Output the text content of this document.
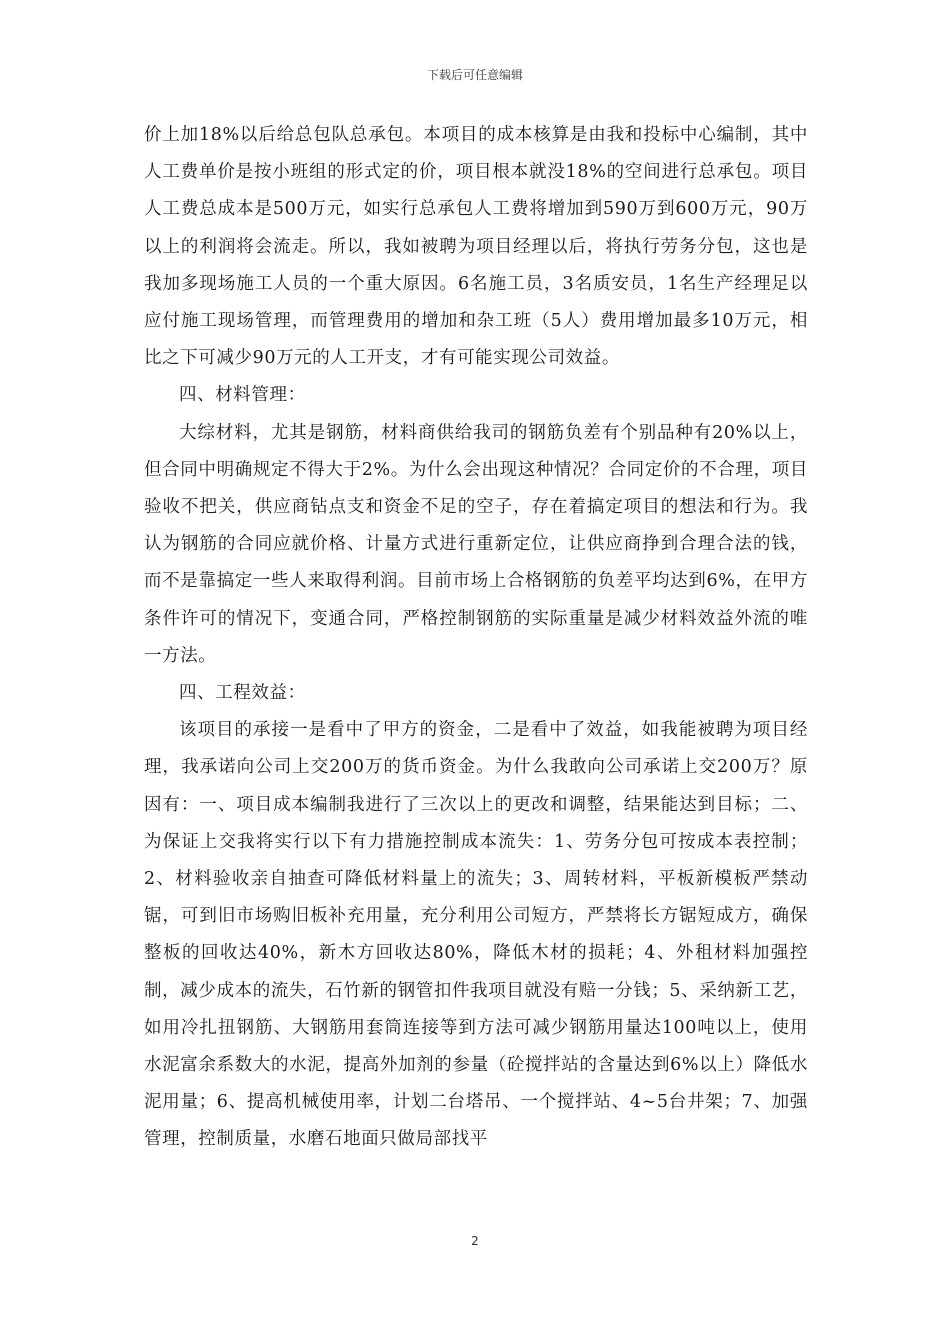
下载后可任意编辑

价上加18%以后给总包队总承包。本项目的成本核算是由我和投标中心编制，其中人工费单价是按小班组的形式定的价，项目根本就没18%的空间进行总承包。项目人工费总成本是500万元，如实行总承包人工费将增加到590万到600万元，90万以上的利润将会流走。所以，我如被聘为项目经理以后，将执行劳务分包，这也是我加多现场施工人员的一个重大原因。6名施工员，3名质安员，1名生产经理足以应付施工现场管理，而管理费用的增加和杂工班（5人）费用增加最多10万元，相比之下可减少90万元的人工开支，才有可能实现公司效益。

四、材料管理：

大综材料，尤其是钢筋，材料商供给我司的钢筋负差有个别品种有20%以上，但合同中明确规定不得大于2%。为什么会出现这种情况？合同定价的不合理，项目验收不把关，供应商钻点支和资金不足的空子，存在着搞定项目的想法和行为。我认为钢筋的合同应就价格、计量方式进行重新定位，让供应商挣到合理合法的钱，而不是靠搞定一些人来取得利润。目前市场上合格钢筋的负差平均达到6%，在甲方条件许可的情况下，变通合同，严格控制钢筋的实际重量是减少材料效益外流的唯一方法。

四、工程效益：

该项目的承接一是看中了甲方的资金，二是看中了效益，如我能被聘为项目经理，我承诺向公司上交200万的货币资金。为什么我敢向公司承诺上交200万？原因有：一、项目成本编制我进行了三次以上的更改和调整，结果能达到目标；二、为保证上交我将实行以下有力措施控制成本流失：1、劳务分包可按成本表控制；2、材料验收亲自抽查可降低材料量上的流失；3、周转材料，平板新模板严禁动锯，可到旧市场购旧板补充用量，充分利用公司短方，严禁将长方锯短成方，确保整板的回收达40%，新木方回收达80%，降低木材的损耗；4、外租材料加强控制，减少成本的流失，石竹新的钢管扣件我项目就没有赔一分钱；5、采纳新工艺，如用冷扎扭钢筋、大钢筋用套筒连接等到方法可减少钢筋用量达100吨以上，使用水泥富余系数大的水泥，提高外加剂的参量（砼搅拌站的含量达到6%以上）降低水泥用量；6、提高机械使用率，计划二台塔吊、一个搅拌站、4~5台井架；7、加强管理，控制质量，水磨石地面只做局部找平

2
